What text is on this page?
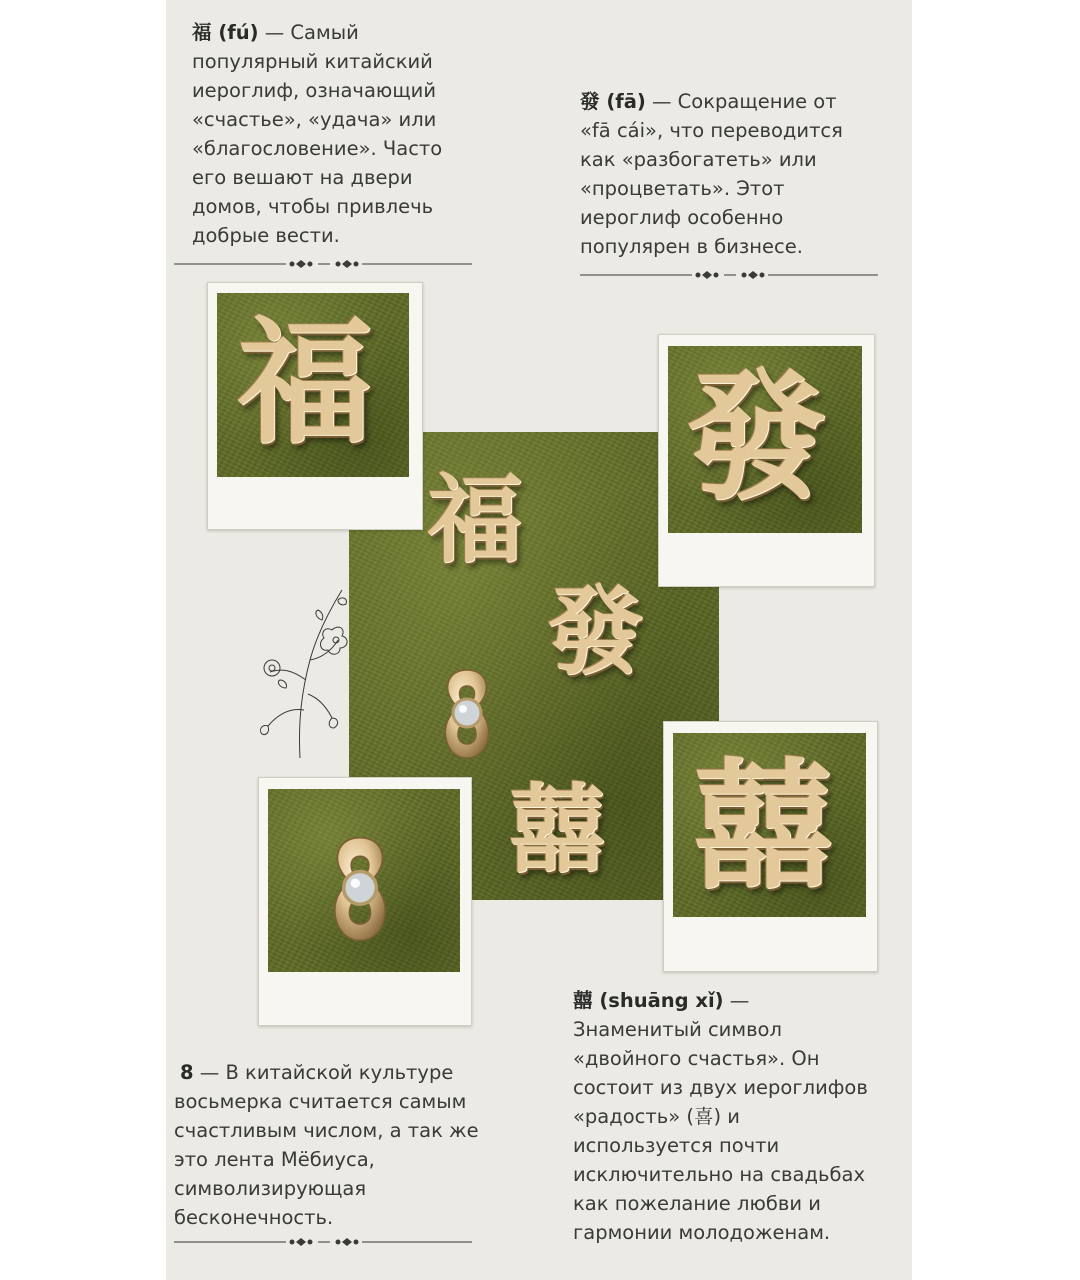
福 (fú) — Самый популярный китайский иероглиф, означающий «счастье», «удача» или «благословение». Часто его вешают на двери домов, чтобы привлечь добрые вести.
發 (fā) — Сокращение от «fā cái», что переводится как «разбогатеть» или «процветать». Этот иероглиф особенно популярен в бизнесе.
福
發
囍
福 發
囍
8 — В китайской культуре восьмерка считается самым счастливым числом, а так же это лента Мёбиуса, символизирующая бесконечность.
囍 (shuāng xǐ) — Знаменитый символ «двойного счастья». Он состоит из двух иероглифов «радость» (喜) и используется почти исключительно на свадьбах как пожелание любви и гармонии молодоженам.
